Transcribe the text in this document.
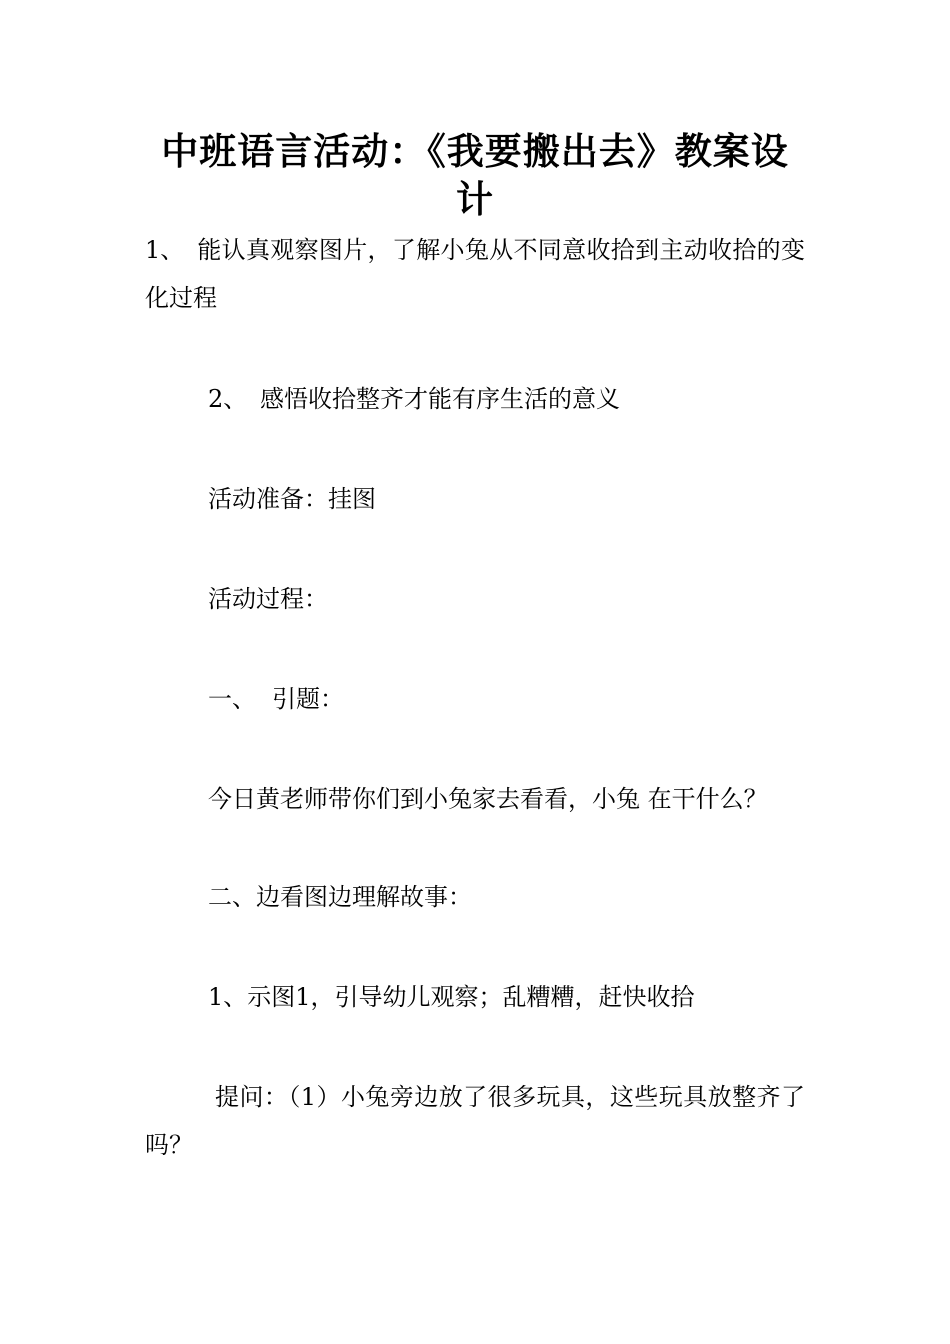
中班语言活动：《我要搬出去》教案设计

1、 能认真观察图片，了解小兔从不同意收拾到主动收拾的变化过程

2、 感悟收拾整齐才能有序生活的意义

活动准备：挂图

活动过程：

一、 引题：

今日黄老师带你们到小兔家去看看，小兔 在干什么？

二、边看图边理解故事：

1、示图1，引导幼儿观察；乱糟糟，赶快收拾

提问：（1）小兔旁边放了很多玩具，这些玩具放整齐了吗？
